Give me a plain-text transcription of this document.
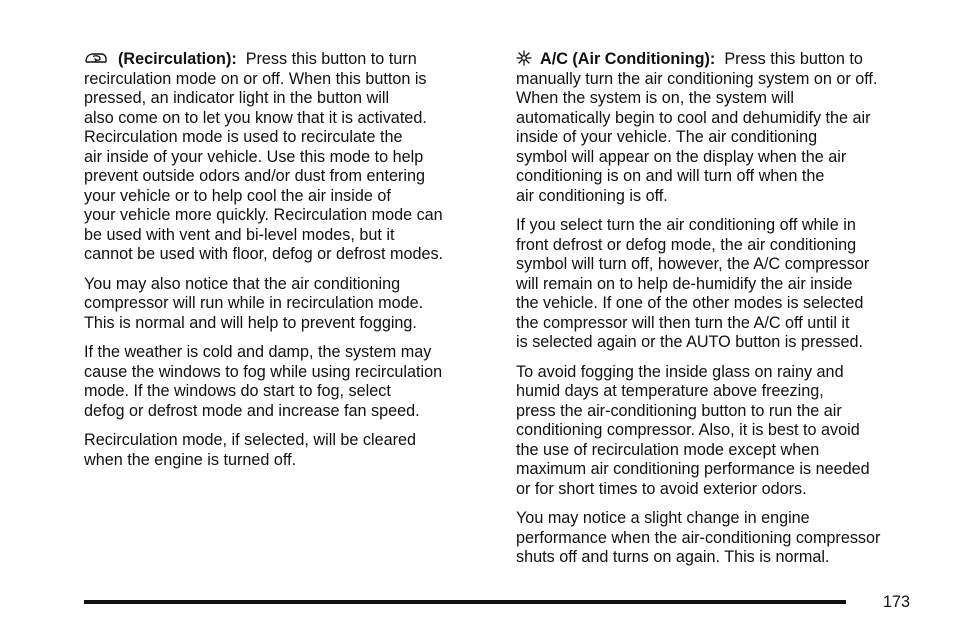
(Recirculation): Press this button to turn
recirculation mode on or off. When this button is
pressed, an indicator light in the button will
also come on to let you know that it is activated.
Recirculation mode is used to recirculate the
air inside of your vehicle. Use this mode to help
prevent outside odors and/or dust from entering
your vehicle or to help cool the air inside of
your vehicle more quickly. Recirculation mode can
be used with vent and bi-level modes, but it
cannot be used with floor, defog or defrost modes.

You may also notice that the air conditioning
compressor will run while in recirculation mode.
This is normal and will help to prevent fogging.

If the weather is cold and damp, the system may
cause the windows to fog while using recirculation
mode. If the windows do start to fog, select
defog or defrost mode and increase fan speed.

Recirculation mode, if selected, will be cleared
when the engine is turned off.

A/C (Air Conditioning): Press this button to
manually turn the air conditioning system on or off.
When the system is on, the system will
automatically begin to cool and dehumidify the air
inside of your vehicle. The air conditioning
symbol will appear on the display when the air
conditioning is on and will turn off when the
air conditioning is off.

If you select turn the air conditioning off while in
front defrost or defog mode, the air conditioning
symbol will turn off, however, the A/C compressor
will remain on to help de-humidify the air inside
the vehicle. If one of the other modes is selected
the compressor will then turn the A/C off until it
is selected again or the AUTO button is pressed.

To avoid fogging the inside glass on rainy and
humid days at temperature above freezing,
press the air-conditioning button to run the air
conditioning compressor. Also, it is best to avoid
the use of recirculation mode except when
maximum air conditioning performance is needed
or for short times to avoid exterior odors.

You may notice a slight change in engine
performance when the air-conditioning compressor
shuts off and turns on again. This is normal.

173
